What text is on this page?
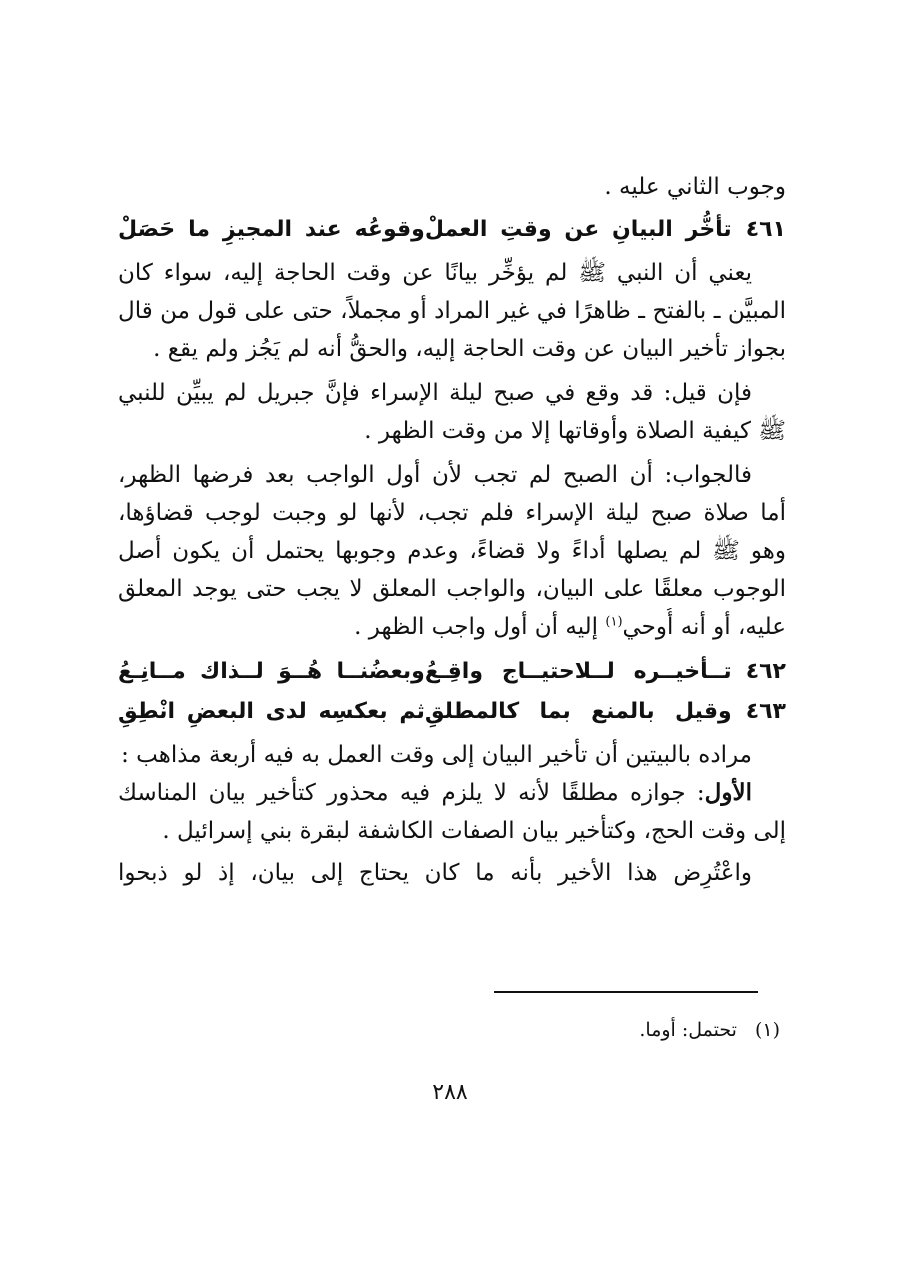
وجوب الثاني عليه .
٤٦١
تأخُّر البيانِ عن وقتِ العملْ
وقوعُه عند المجيزِ ما حَصَلْ
يعني أن النبي ﷺ لم يؤخِّر بيانًا عن وقت الحاجة إليه، سواء كان
المبيَّن ـ بالفتح ـ ظاهرًا في غير المراد أو مجملاً، حتى على قول من قال
بجواز تأخير البيان عن وقت الحاجة إليه، والحقُّ أنه لم يَجُز ولم يقع .
فإن قيل: قد وقع في صبح ليلة الإسراء فإنَّ جبريل لم يبيِّن للنبي
ﷺ كيفية الصلاة وأوقاتها إلا من وقت الظهر .
فالجواب: أن الصبح لم تجب لأن أول الواجب بعد فرضها الظهر،
أما صلاة صبح ليلة الإسراء فلم تجب، لأنها لو وجبت لوجب قضاؤها،
وهو ﷺ لم يصلها أداءً ولا قضاءً، وعدم وجوبها يحتمل أن يكون أصل
الوجوب معلقًا على البيان، والواجب المعلق لا يجب حتى يوجد المعلق
عليه، أو أنه أُوحي$^{(١)}$ إليه أن أول واجب الظهر .
٤٦٢
تــأخيــره لــلاحتيــاج واقِـعُ
وبعضُنــا هُــوَ لــذاك مــانِـعُ
٤٦٣
وقيل بالمنع بما كالمطلقِ
ثم بعكسِه لدى البعضِ انْطِقِ
مراده بالبيتين أن تأخير البيان إلى وقت العمل به فيه أربعة مذاهب :
الأول: جوازه مطلقًا لأنه لا يلزم فيه محذور كتأخير بيان المناسك
إلى وقت الحج، وكتأخير بيان الصفات الكاشفة لبقرة بني إسرائيل .
واعْتُرِض هذا الأخير بأنه ما كان يحتاج إلى بيان، إذ لو ذبحوا
(١)تحتمل: أوما.
٢٨٨
